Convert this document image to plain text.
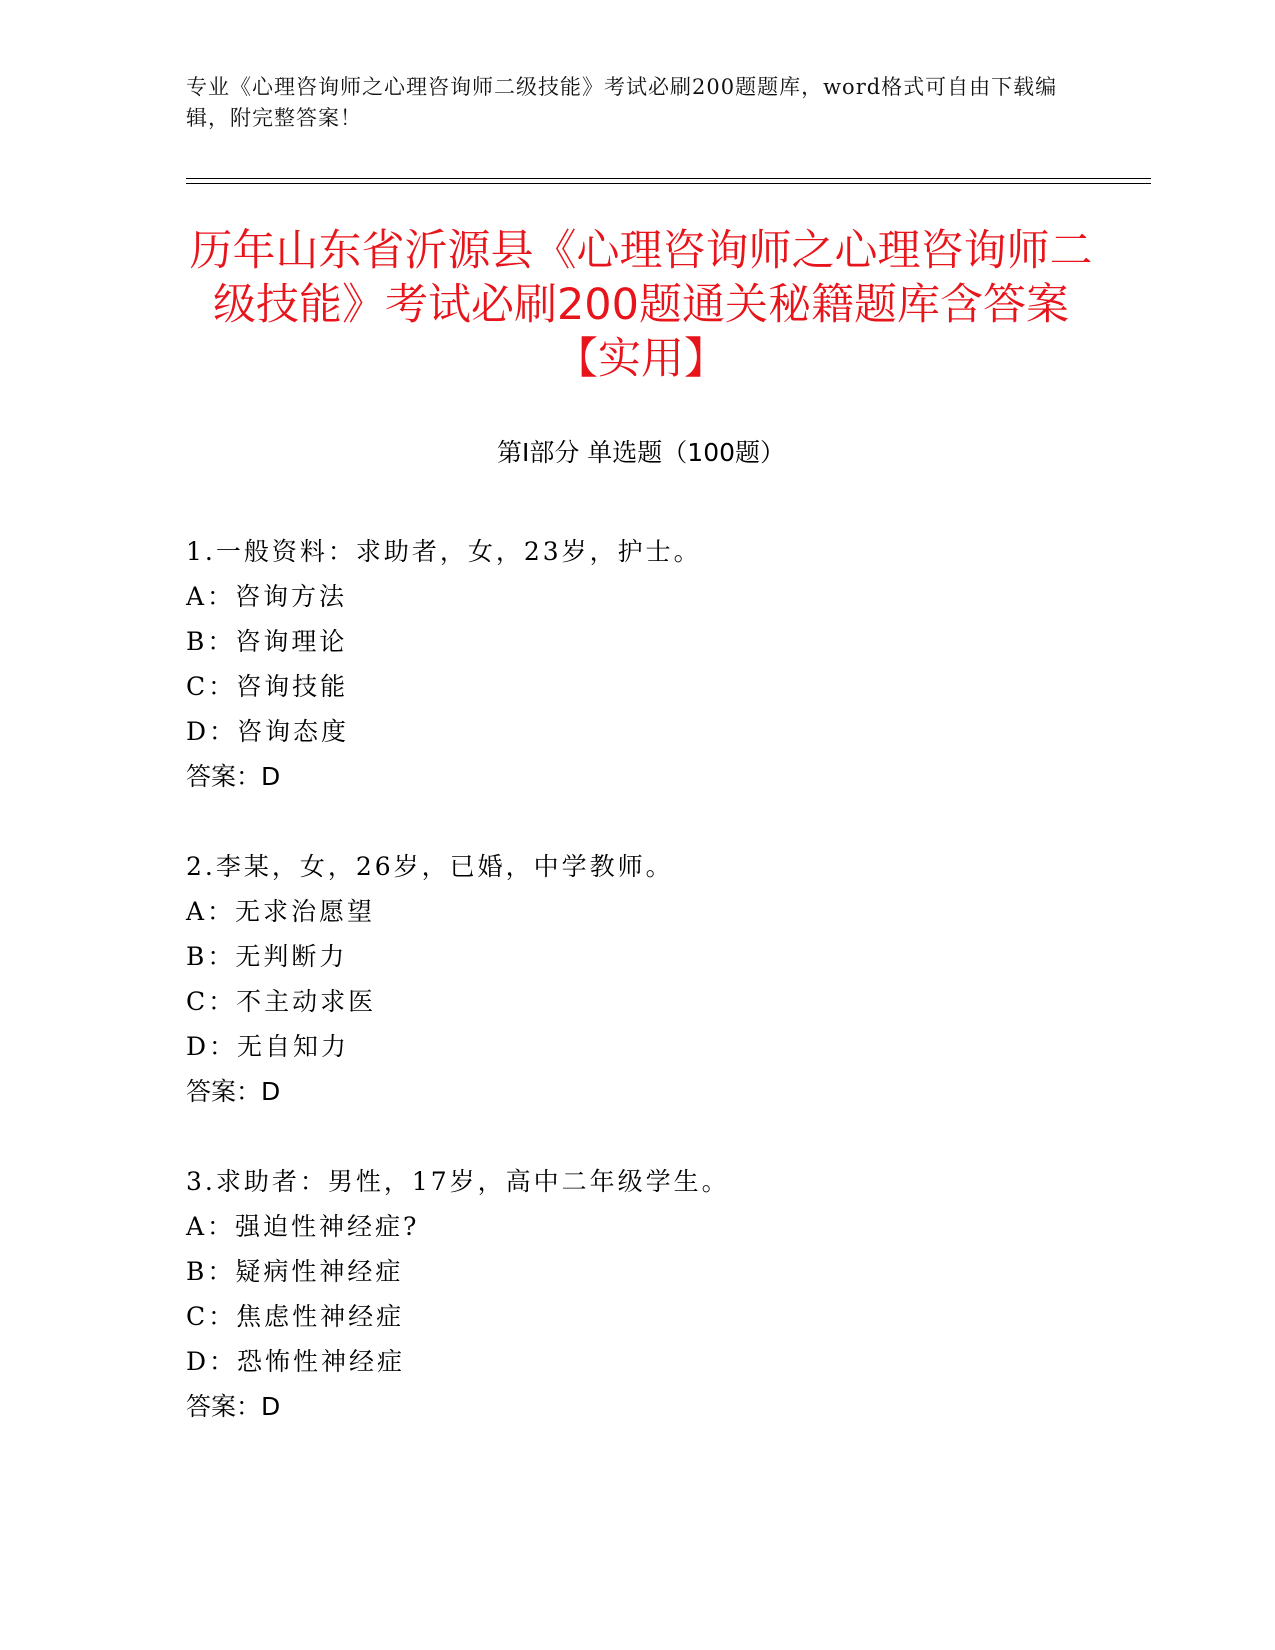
专业《心理咨询师之心理咨询师二级技能》考试必刷200题题库，word格式可自由下载编辑，附完整答案！
历年山东省沂源县《心理咨询师之心理咨询师二级技能》考试必刷200题通关秘籍题库含答案【实用】
第Ⅰ部分 单选题（100题）
1.一般资料：求助者，女，23岁，护士。
A：咨询方法
B：咨询理论
C：咨询技能
D：咨询态度
答案：D
2.李某，女，26岁，已婚，中学教师。
A：无求治愿望
B：无判断力
C：不主动求医
D：无自知力
答案：D
3.求助者：男性，17岁，高中二年级学生。
A：强迫性神经症?
B：疑病性神经症
C：焦虑性神经症
D：恐怖性神经症
答案：D
